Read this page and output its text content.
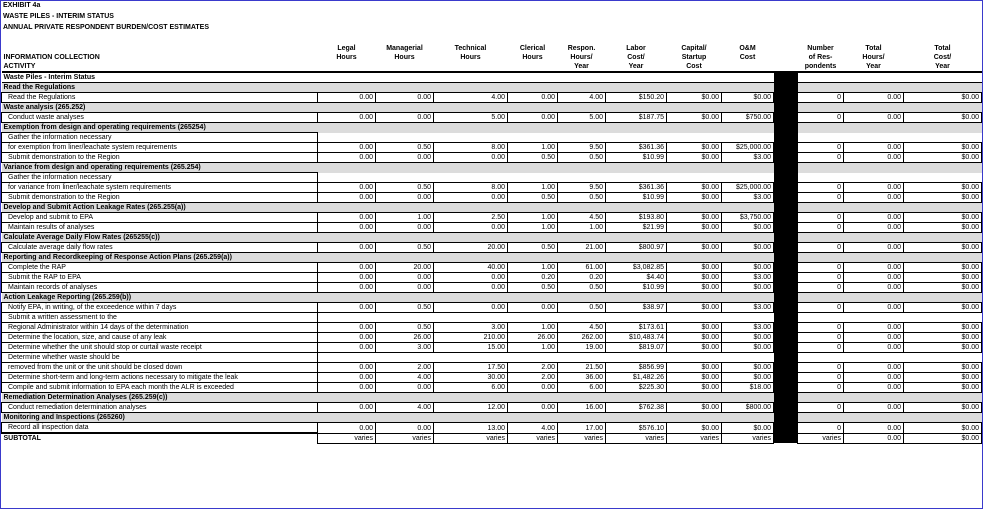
EXHIBIT 4a
WASTE PILES - INTERIM STATUS
ANNUAL PRIVATE RESPONDENT BURDEN/COST ESTIMATES
	Legal	Managerial	Technical	Clerical	Respon.	Labor	Capital/	O&M		Number	Total	Total
INFORMATION COLLECTION	Hours	Hours	Hours	Hours	Hours/	Cost/	Startup	Cost		of Res-	Hours/	Cost/
ACTIVITY					Year	Year	Cost			pondents	Year	Year
Waste Piles - Interim Status												
Read the Regulations												
Read the Regulations	0.00	0.00	4.00	0.00	4.00	$150.20	$0.00	$0.00		0	0.00	$0.00
Waste analysis (265.252)												
Conduct waste analyses	0.00	0.00	5.00	0.00	5.00	$187.75	$0.00	$750.00		0	0.00	$0.00
Exemption from design and operating requirements (265254)												
Gather the information necessary												
for exemption from liner/leachate system requirements	0.00	0.50	8.00	1.00	9.50	$361.36	$0.00	$25,000.00		0	0.00	$0.00
Submit demonstration to the Region	0.00	0.00	0.00	0.50	0.50	$10.99	$0.00	$3.00		0	0.00	$0.00
Variance from design and operating requirements (265.254)												
Gather the information necessary												
for variance from liner/leachate system requirements	0.00	0.50	8.00	1.00	9.50	$361.36	$0.00	$25,000.00		0	0.00	$0.00
Submit demonstration to the Region	0.00	0.00	0.00	0.50	0.50	$10.99	$0.00	$3.00		0	0.00	$0.00
Develop and Submit Action Leakage Rates (265.255(a))												
Develop and submit to EPA	0.00	1.00	2.50	1.00	4.50	$193.80	$0.00	$3,750.00		0	0.00	$0.00
Maintain results of analyses	0.00	0.00	0.00	1.00	1.00	$21.99	$0.00	$0.00		0	0.00	$0.00
Calculate Average Daily Flow Rates (265255(c))												
Calculate average daily flow rates	0.00	0.50	20.00	0.50	21.00	$800.97	$0.00	$0.00		0	0.00	$0.00
Reporting and Recordkeeping of Response Action Plans (265.259(a))												
Complete the RAP	0.00	20.00	40.00	1.00	61.00	$3,082.85	$0.00	$0.00		0	0.00	$0.00
Submit the RAP to EPA	0.00	0.00	0.00	0.20	0.20	$4.40	$0.00	$3.00		0	0.00	$0.00
Maintain records of analyses	0.00	0.00	0.00	0.50	0.50	$10.99	$0.00	$0.00		0	0.00	$0.00
Action Leakage Reporting (265.259(b))												
Notify EPA, in writing, of the exceedence within 7 days	0.00	0.50	0.00	0.00	0.50	$38.97	$0.00	$3.00		0	0.00	$0.00
Submit a written assessment to the												
Regional Administrator within 14 days of the determination	0.00	0.50	3.00	1.00	4.50	$173.61	$0.00	$3.00		0	0.00	$0.00
Determine the location, size, and cause of any leak	0.00	26.00	210.00	26.00	262.00	$10,483.74	$0.00	$0.00		0	0.00	$0.00
Determine whether the unit should stop or curtail waste receipt	0.00	3.00	15.00	1.00	19.00	$819.07	$0.00	$0.00		0	0.00	$0.00
Determine whether waste should be												
removed from the unit or the unit should be closed down	0.00	2.00	17.50	2.00	21.50	$856.99	$0.00	$0.00		0	0.00	$0.00
Determine short-term and long-term actions necessary to mitigate the leak	0.00	4.00	30.00	2.00	36.00	$1,482.26	$0.00	$0.00		0	0.00	$0.00
Compile and submit information to EPA each month the ALR is exceeded	0.00	0.00	6.00	0.00	6.00	$225.30	$0.00	$18.00		0	0.00	$0.00
Remediation Determination Analyses (265.259(c))												
Conduct remediation determination analyses	0.00	4.00	12.00	0.00	16.00	$762.38	$0.00	$800.00		0	0.00	$0.00
Monitoring and Inspections (265260)												
Record all inspection data	0.00	0.00	13.00	4.00	17.00	$576.10	$0.00	$0.00		0	0.00	$0.00
SUBTOTAL	varies	varies	varies	varies	varies	varies	varies	varies		varies	0.00	$0.00
